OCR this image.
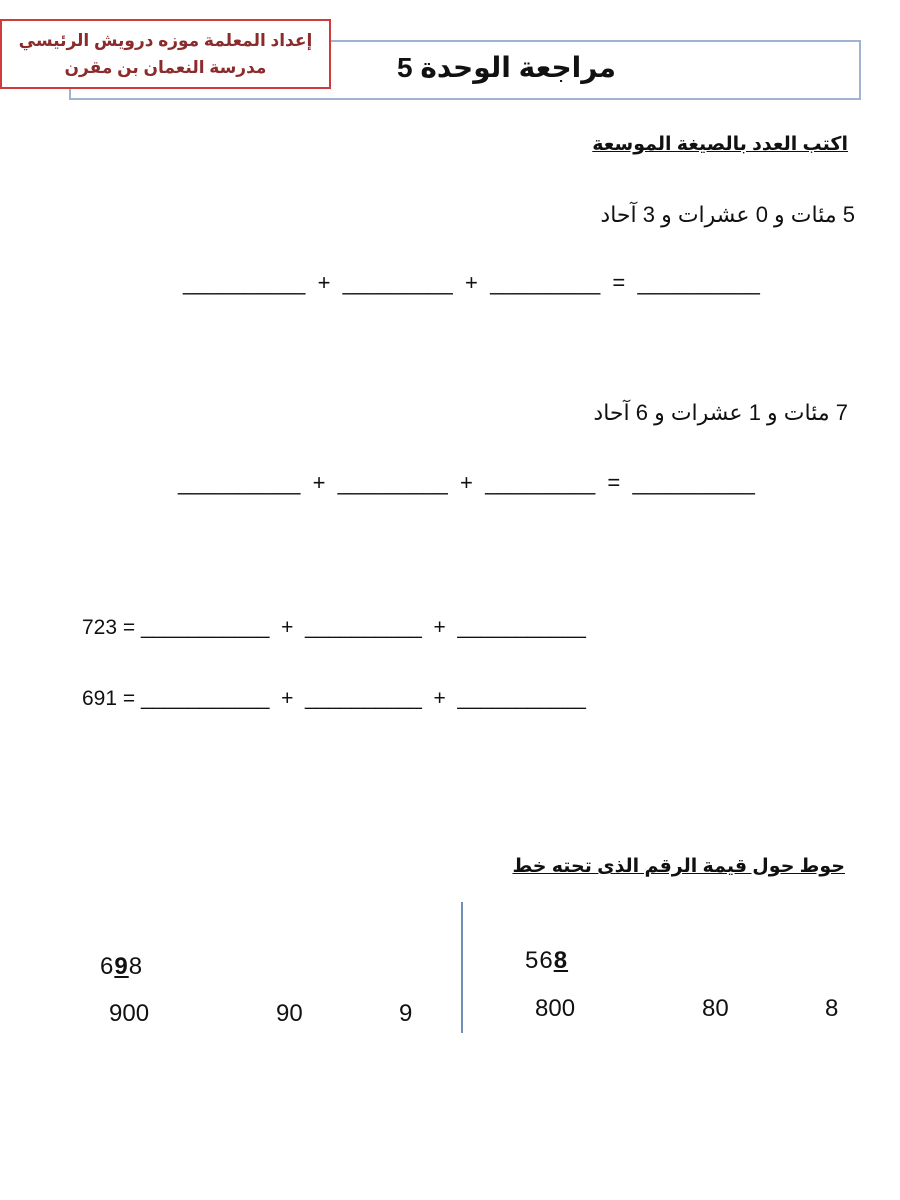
مراجعة الوحدة 5
إعداد المعلمة موزه درويش الرئيسي
مدرسة النعمان بن مقرن
اكتب العدد بالصيغة الموسعة
5 مئات و 0 عشرات و 3 آحاد
__________  +  _________  +  _________  =  __________
7 مئات و 1 عشرات و 6 آحاد
__________  +  _________  +  _________  =  __________
723 = ___________  +  __________  +  ___________
691 = ___________  +  __________  +  ___________
حوط حول قيمة الرقم الذى تحته خط
698
900	90	9
568
800	80	8
